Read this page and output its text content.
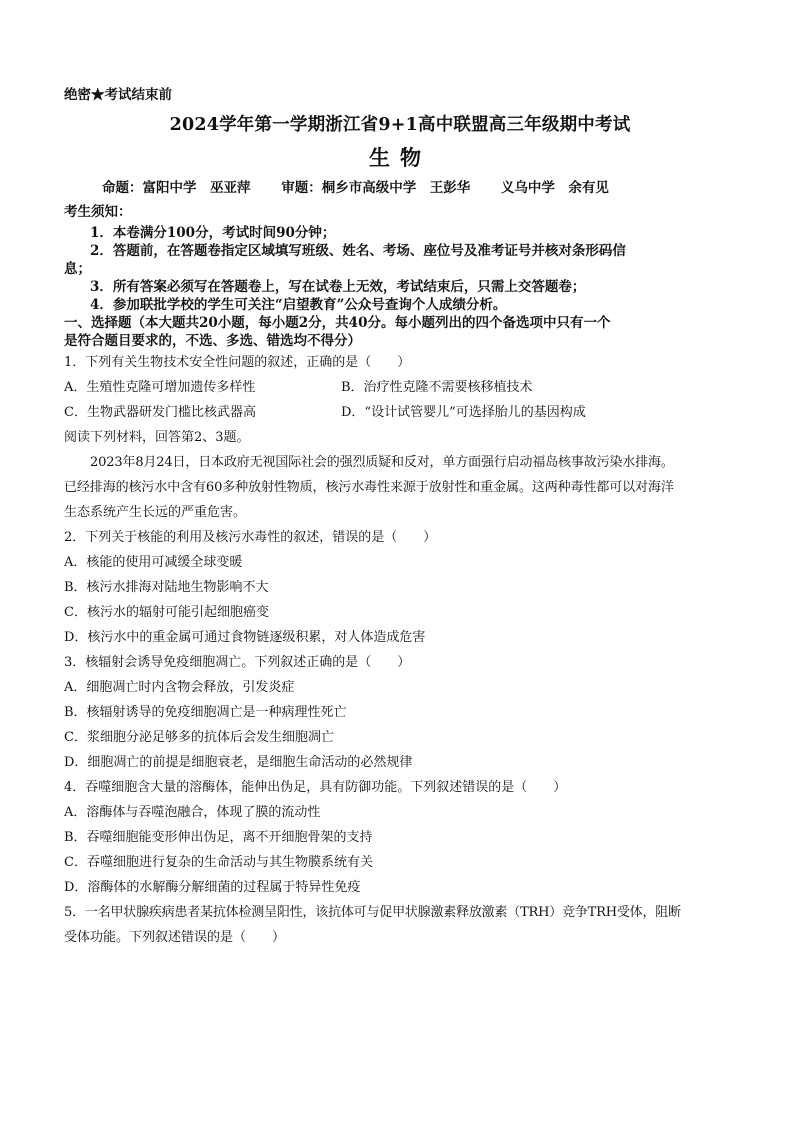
绝密★考试结束前
2024学年第一学期浙江省9+1高中联盟高三年级期中考试
生物
命题：富阳中学　巫亚萍 审题：桐乡市高级中学　王彭华 义乌中学　余有见
考生须知：
1．本卷满分100分，考试时间90分钟；
2．答题前，在答题卷指定区域填写班级、姓名、考场、座位号及准考证号并核对条形码信
息；
3．所有答案必须写在答题卷上，写在试卷上无效，考试结束后，只需上交答题卷；
4．参加联批学校的学生可关注“启望教育”公众号查询个人成绩分析。
一、选择题（本大题共20小题，每小题2分，共40分。每小题列出的四个备选项中只有一个
是符合题目要求的，不选、多选、错选均不得分）
1．下列有关生物技术安全性问题的叙述，正确的是（　　）
A．生殖性克隆可增加遗传多样性	B．治疗性克隆不需要核移植技术
C．生物武器研发门槛比核武器高	D．“设计试管婴儿”可选择胎儿的基因构成
阅读下列材料，回答第2、3题。
2023年8月24日，日本政府无视国际社会的强烈质疑和反对，单方面强行启动福岛核事故污染水排海。
已经排海的核污水中含有60多种放射性物质，核污水毒性来源于放射性和重金属。这两种毒性都可以对海洋
生态系统产生长远的严重危害。
2．下列关于核能的利用及核污水毒性的叙述，错误的是（　　）
A．核能的使用可减缓全球变暖
B．核污水排海对陆地生物影响不大
C．核污水的辐射可能引起细胞癌变
D．核污水中的重金属可通过食物链逐级积累，对人体造成危害
3．核辐射会诱导免疫细胞凋亡。下列叙述正确的是（　　）
A．细胞凋亡时内含物会释放，引发炎症
B．核辐射诱导的免疫细胞凋亡是一种病理性死亡
C．浆细胞分泌足够多的抗体后会发生细胞凋亡
D．细胞凋亡的前提是细胞衰老，是细胞生命活动的必然规律
4．吞噬细胞含大量的溶酶体，能伸出伪足，具有防御功能。下列叙述错误的是（　　）
A．溶酶体与吞噬泡融合，体现了膜的流动性
B．吞噬细胞能变形伸出伪足，离不开细胞骨架的支持
C．吞噬细胞进行复杂的生命活动与其生物膜系统有关
D．溶酶体的水解酶分解细菌的过程属于特异性免疫
5．一名甲状腺疾病患者某抗体检测呈阳性，该抗体可与促甲状腺激素释放激素（TRH）竞争TRH受体，阻断
受体功能。下列叙述错误的是（　　）
